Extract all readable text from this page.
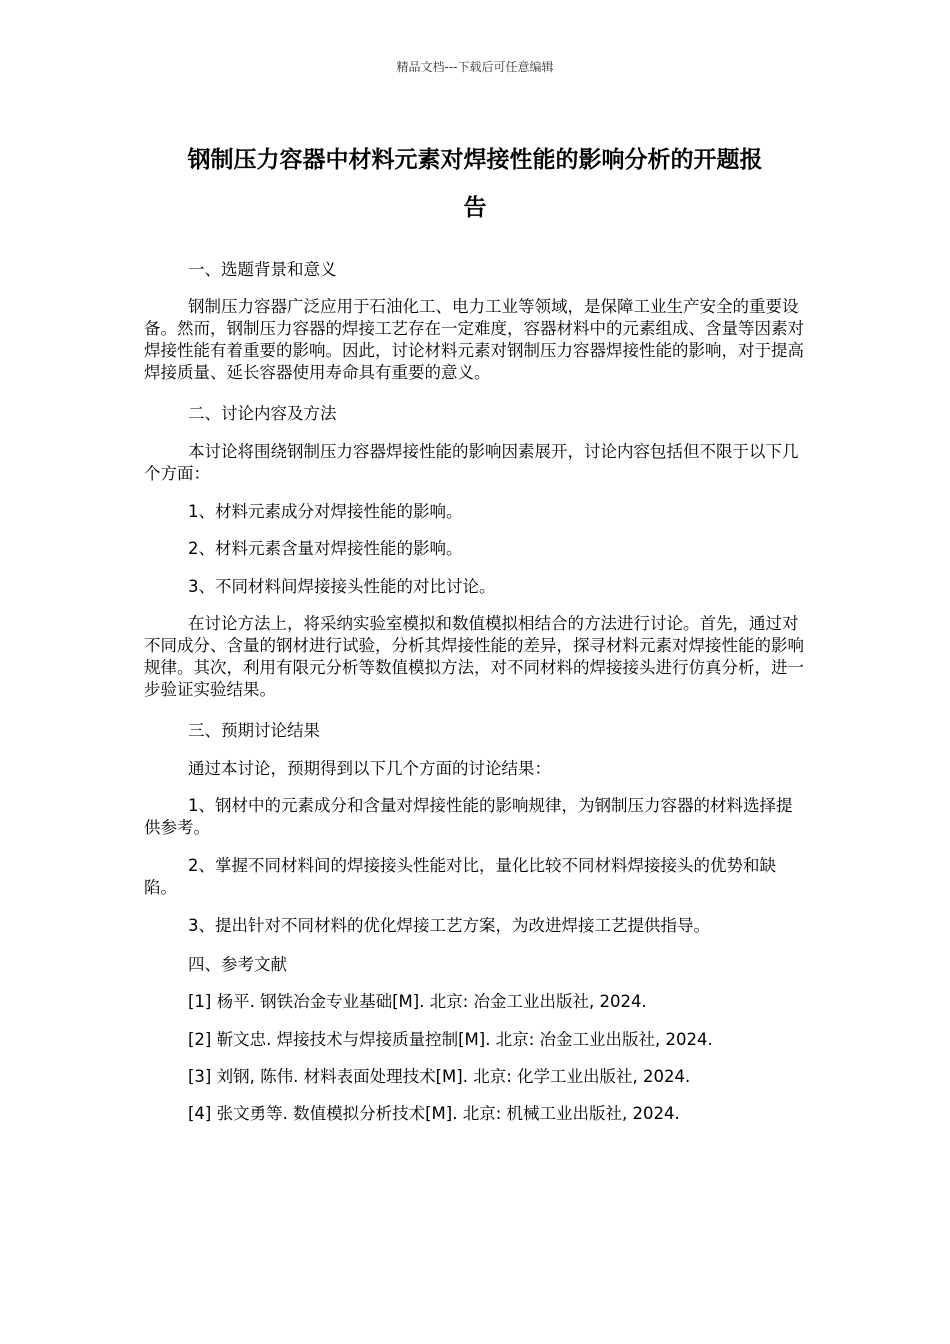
精品文档---下载后可任意编辑
钢制压力容器中材料元素对焊接性能的影响分析的开题报
告

一、选题背景和意义

钢制压力容器广泛应用于石油化工、电力工业等领域，是保障工业生产安全的重要设备。然而，钢制压力容器的焊接工艺存在一定难度，容器材料中的元素组成、含量等因素对焊接性能有着重要的影响。因此，讨论材料元素对钢制压力容器焊接性能的影响，对于提高焊接质量、延长容器使用寿命具有重要的意义。

二、讨论内容及方法

本讨论将围绕钢制压力容器焊接性能的影响因素展开，讨论内容包括但不限于以下几个方面：

1、材料元素成分对焊接性能的影响。

2、材料元素含量对焊接性能的影响。

3、不同材料间焊接接头性能的对比讨论。

在讨论方法上，将采纳实验室模拟和数值模拟相结合的方法进行讨论。首先，通过对不同成分、含量的钢材进行试验，分析其焊接性能的差异，探寻材料元素对焊接性能的影响规律。其次，利用有限元分析等数值模拟方法，对不同材料的焊接接头进行仿真分析，进一步验证实验结果。

三、预期讨论结果

通过本讨论，预期得到以下几个方面的讨论结果：

1、钢材中的元素成分和含量对焊接性能的影响规律，为钢制压力容器的材料选择提供参考。

2、掌握不同材料间的焊接接头性能对比，量化比较不同材料焊接接头的优势和缺陷。

3、提出针对不同材料的优化焊接工艺方案，为改进焊接工艺提供指导。

四、参考文献

[1] 杨平. 钢铁冶金专业基础[M]. 北京: 冶金工业出版社, 2024.

[2] 靳文忠. 焊接技术与焊接质量控制[M]. 北京: 冶金工业出版社, 2024.

[3] 刘钢, 陈伟. 材料表面处理技术[M]. 北京: 化学工业出版社, 2024.

[4] 张文勇等. 数值模拟分析技术[M]. 北京: 机械工业出版社, 2024.
